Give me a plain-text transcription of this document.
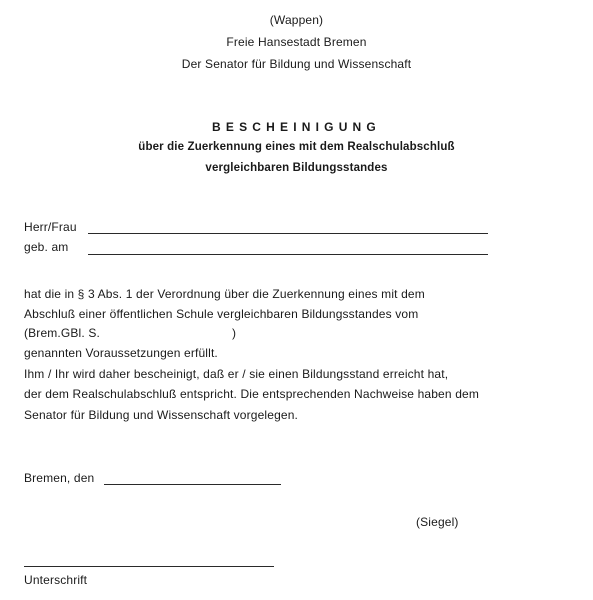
(Wappen)
Freie Hansestadt Bremen
Der Senator für Bildung und Wissenschaft
BESCHEINIGUNG
über die Zuerkennung eines mit dem Realschulabschluß
vergleichbaren Bildungsstandes
Herr/Frau
geb. am
hat die in § 3 Abs. 1 der Verordnung über die Zuerkennung eines mit dem
Abschluß einer öffentlichen Schule vergleichbaren Bildungsstandes vom
(Brem.GBl. S.	)
genannten Voraussetzungen erfüllt.
Ihm / Ihr wird daher bescheinigt, daß er / sie einen Bildungsstand erreicht hat,
der dem Realschulabschluß entspricht. Die entsprechenden Nachweise haben dem
Senator für Bildung und Wissenschaft vorgelegen.
Bremen, den
(Siegel)
Unterschrift
